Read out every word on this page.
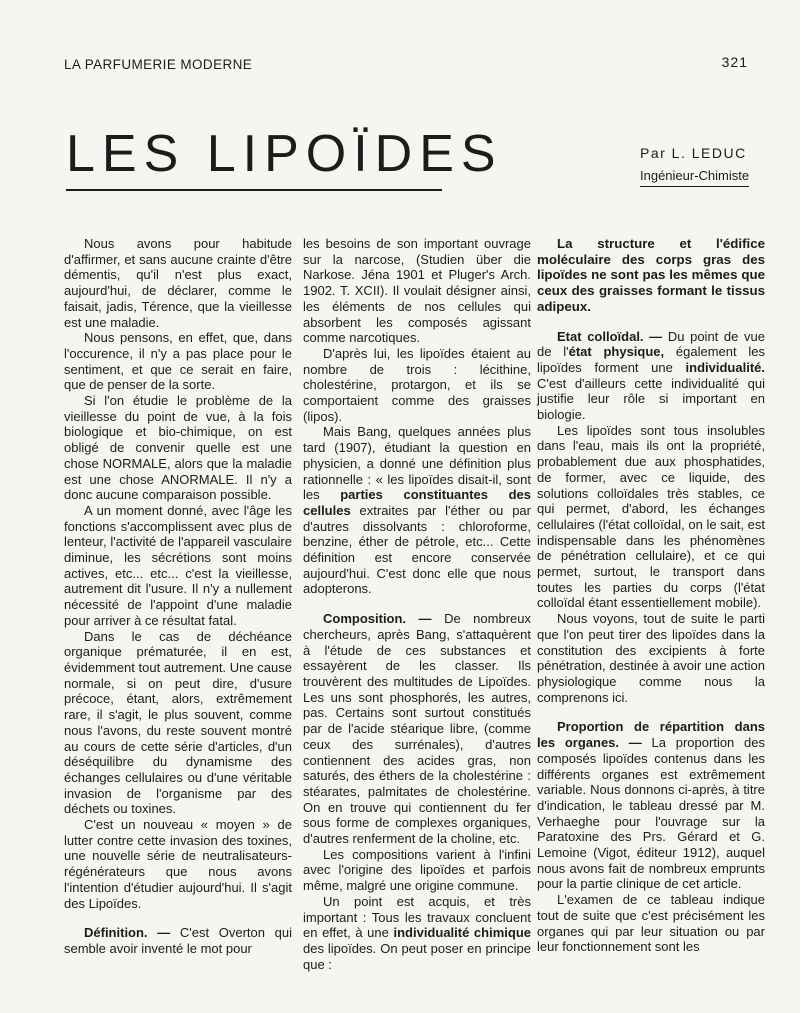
LA PARFUMERIE MODERNE	321
LES LIPOÏDES	Par L. LEDUC
Ingénieur-Chimiste

Nous avons pour habitude d'affirmer, et sans aucune crainte d'être démentis, qu'il n'est plus exact, aujourd'hui, de déclarer, comme le faisait, jadis, Térence, que la vieillesse est une maladie.

Nous pensons, en effet, que, dans l'occurence, il n'y a pas place pour le sentiment, et que ce serait en faire, que de penser de la sorte.

Si l'on étudie le problème de la vieillesse du point de vue, à la fois biologique et bio-chimique, on est obligé de convenir quelle est une chose NORMALE, alors que la maladie est une chose ANORMALE. Il n'y a donc aucune comparaison possible.

A un moment donné, avec l'âge les fonctions s'accomplissent avec plus de lenteur, l'activité de l'appareil vasculaire diminue, les sécrétions sont moins actives, etc... etc... c'est la vieillesse, autrement dit l'usure. Il n'y a nullement nécessité de l'appoint d'une maladie pour arriver à ce résultat fatal.

Dans le cas de déchéance organique prématurée, il en est, évidemment tout autrement. Une cause normale, si on peut dire, d'usure précoce, étant, alors, extrêmement rare, il s'agit, le plus souvent, comme nous l'avons, du reste souvent montré au cours de cette série d'articles, d'un déséquilibre du dynamisme des échanges cellulaires ou d'une véritable invasion de l'organisme par des déchets ou toxines.

C'est un nouveau « moyen » de lutter contre cette invasion des toxines, une nouvelle série de neutralisateurs-régénérateurs que nous avons l'intention d'étudier aujourd'hui. Il s'agit des Lipoïdes.

Définition. — C'est Overton qui semble avoir inventé le mot pour

les besoins de son important ouvrage sur la narcose, (Studien über die Narkose. Jéna 1901 et Pluger's Arch. 1902. T. XCII). Il voulait désigner ainsi, les éléments de nos cellules qui absorbent les composés agissant comme narcotiques.

D'après lui, les lipoïdes étaient au nombre de trois : lécithine, cholestérine, protargon, et ils se comportaient comme des graisses (lipos).

Mais Bang, quelques années plus tard (1907), étudiant la question en physicien, a donné une définition plus rationnelle : « les lipoïdes disait-il, sont les parties constituantes des cellules extraites par l'éther ou par d'autres dissolvants : chloroforme, benzine, éther de pétrole, etc... Cette définition est encore conservée aujourd'hui. C'est donc elle que nous adopterons.

Composition. — De nombreux chercheurs, après Bang, s'attaquèrent à l'étude de ces substances et essayèrent de les classer. Ils trouvèrent des multitudes de Lipoïdes. Les uns sont phosphorés, les autres, pas. Certains sont surtout constitués par de l'acide stéarique libre, (comme ceux des surrénales), d'autres contiennent des acides gras, non saturés, des éthers de la cholestérine : stéarates, palmitates de cholestérine. On en trouve qui contiennent du fer sous forme de complexes organiques, d'autres renferment de la choline, etc.

Les compositions varient à l'infini avec l'origine des lipoïdes et parfois même, malgré une origine commune.

Un point est acquis, et très important : Tous les travaux concluent en effet, à une individualité chimique des lipoïdes. On peut poser en principe que :

La structure et l'édifice moléculaire des corps gras des lipoïdes ne sont pas les mêmes que ceux des graisses formant le tissus adipeux.

Etat colloïdal. — Du point de vue de l'état physique, également les lipoïdes forment une individualité. C'est d'ailleurs cette individualité qui justifie leur rôle si important en biologie.

Les lipoïdes sont tous insolubles dans l'eau, mais ils ont la propriété, probablement due aux phosphatides, de former, avec ce liquide, des solutions colloïdales très stables, ce qui permet, d'abord, les échanges cellulaires (l'état colloïdal, on le sait, est indispensable dans les phénomènes de pénétration cellulaire), et ce qui permet, surtout, le transport dans toutes les parties du corps (l'état colloïdal étant essentiellement mobile).

Nous voyons, tout de suite le parti que l'on peut tirer des lipoïdes dans la constitution des excipients à forte pénétration, destinée à avoir une action physiologique comme nous la comprenons ici.

Proportion de répartition dans les organes. — La proportion des composés lipoïdes contenus dans les différents organes est extrêmement variable. Nous donnons ci-après, à titre d'indication, le tableau dressé par M. Verhaeghe pour l'ouvrage sur la Paratoxine des Prs. Gérard et G. Lemoine (Vigot, éditeur 1912), auquel nous avons fait de nombreux emprunts pour la partie clinique de cet article.

L'examen de ce tableau indique tout de suite que c'est précisément les organes qui par leur situation ou par leur fonctionnement sont les
